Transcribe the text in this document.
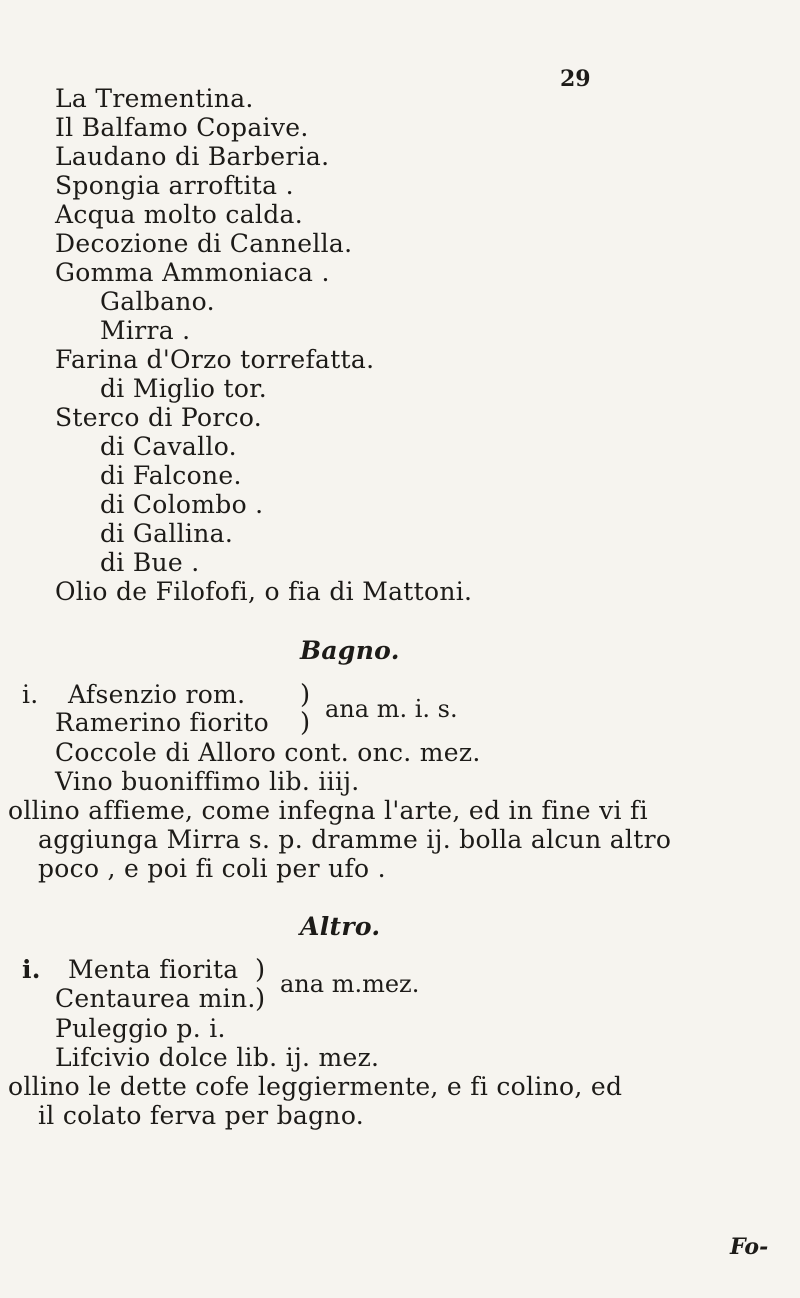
29
La Trementina.
Il Balfamo Copaive.
Laudano di Barberia.
Spongia arroftita .
Acqua molto calda.
Decozione di Cannella.
Gomma Ammoniaca .
Galbano.
Mirra .
Farina d'Orzo torrefatta.
di Miglio tor.
Sterco di Porco.
di Cavallo.
di Falcone.
di Colombo .
di Gallina.
di Bue .
Olio de Filofofi, o fia di Mattoni.
Bagno.
i. Afsenzio rom.
Ramerino fiorito
)
) ana m. i. s.
Coccole di Alloro cont. onc. mez.
Vino buoniffimo lib. iiij.
ollino affieme, come infegna l'arte, ed in fine vi fi
aggiunga Mirra s. p. dramme ij. bolla alcun altro
poco , e poi fi coli per ufo .
Altro.
i. Menta fiorita
Centaurea min.
)
) ana m.mez.
Puleggio p. i.
Lifcivio dolce lib. ij. mez.
ollino le dette cofe leggiermente, e fi colino, ed
il colato ferva per bagno.
Fo-
